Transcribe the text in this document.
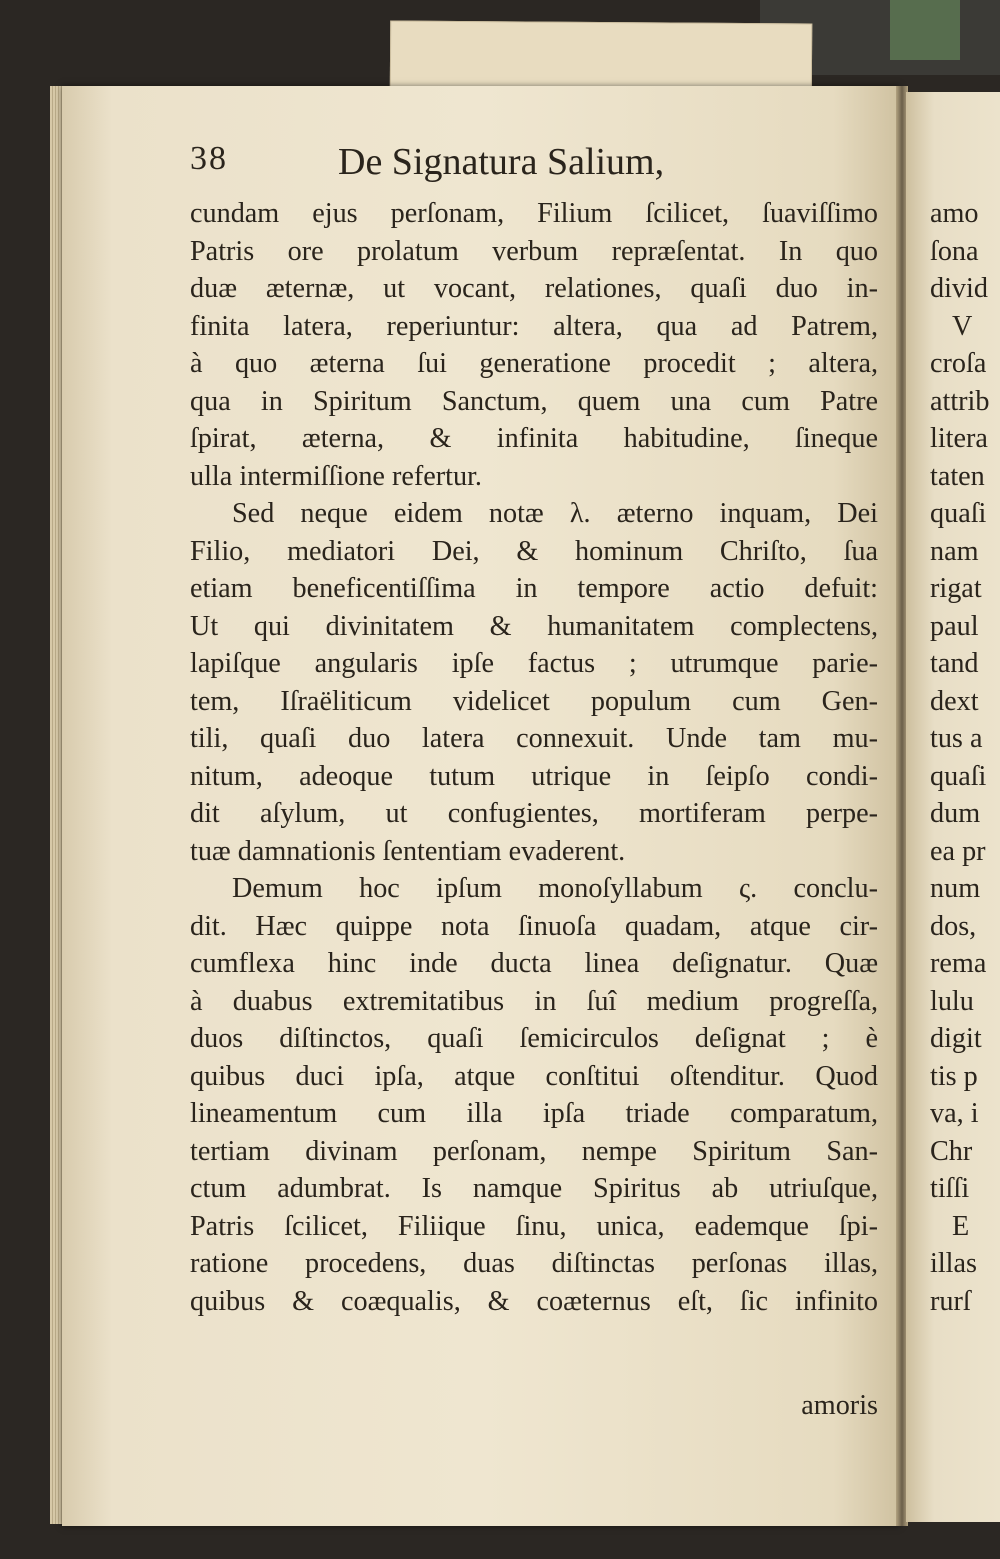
38	De Signatura Salium,
cundam ejus perſonam, Filium ſcilicet, ſuaviſſimo
Patris ore prolatum verbum repræſentat. In quo
duæ æternæ, ut vocant, relationes, quaſi duo in-
finita latera, reperiuntur: altera, qua ad Patrem,
à quo æterna ſui generatione procedit ; altera,
qua in Spiritum Sanctum, quem una cum Patre
ſpirat, æterna, & infinita habitudine, ſineque
ulla intermiſſione refertur.
Sed neque eidem notæ λ. æterno inquam, Dei
Filio, mediatori Dei, & hominum Chriſto, ſua
etiam beneficentiſſima in tempore actio defuit:
Ut qui divinitatem & humanitatem complectens,
lapiſque angularis ipſe factus ; utrumque parie-
tem, Iſraëliticum videlicet populum cum Gen-
tili, quaſi duo latera connexuit. Unde tam mu-
nitum, adeoque tutum utrique in ſeipſo condi-
dit aſylum, ut confugientes, mortiferam perpe-
tuæ damnationis ſententiam evaderent.
Demum hoc ipſum monoſyllabum ς. conclu-
dit. Hæc quippe nota ſinuoſa quadam, atque cir-
cumflexa hinc inde ducta linea deſignatur. Quæ
à duabus extremitatibus in ſuî medium progreſſa,
duos diſtinctos, quaſi ſemicirculos deſignat ; è
quibus duci ipſa, atque conſtitui oſtenditur. Quod
lineamentum cum illa ipſa triade comparatum,
tertiam divinam perſonam, nempe Spiritum San-
ctum adumbrat. Is namque Spiritus ab utriuſque,
Patris ſcilicet, Filiique ſinu, unica, eademque ſpi-
ratione procedens, duas diſtinctas perſonas illas,
quibus & coæqualis, & coæternus eſt, ſic infinito
amoris
amo
ſona
divid
V
croſa
attrib
litera
taten
quaſi
nam
rigat
paul
tand
dext
tus a
quaſi
dum
ea pr
num
dos,
rema
lulu
digit
tis p
va, i
Chr
tiſſi
E
illas
rurſ
